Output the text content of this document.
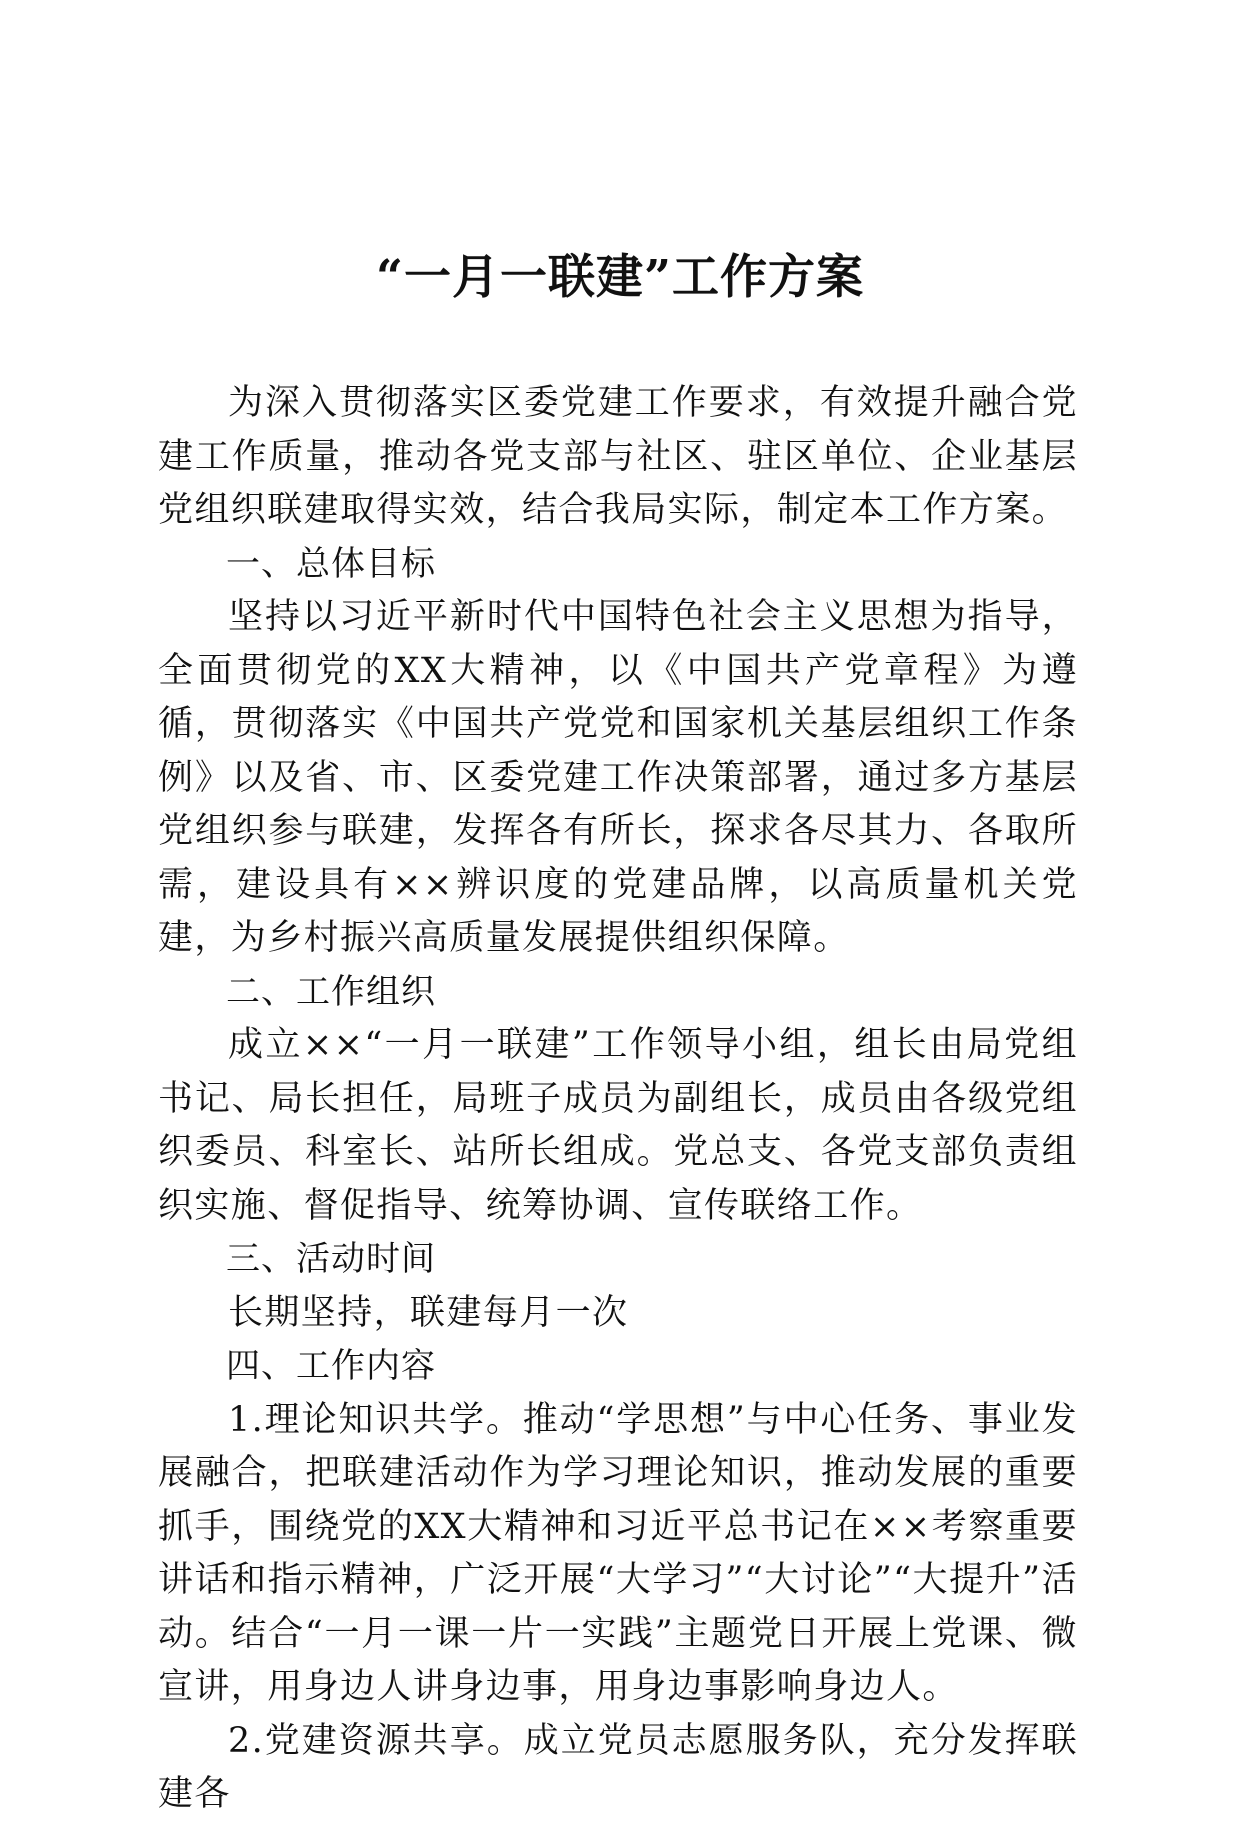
“一月一联建”工作方案

为深入贯彻落实区委党建工作要求，有效提升融合党建工作质量，推动各党支部与社区、驻区单位、企业基层党组织联建取得实效，结合我局实际，制定本工作方案。

一、总体目标

坚持以习近平新时代中国特色社会主义思想为指导，全面贯彻党的XX大精神，以《中国共产党章程》为遵循，贯彻落实《中国共产党党和国家机关基层组织工作条例》以及省、市、区委党建工作决策部署，通过多方基层党组织参与联建，发挥各有所长，探求各尽其力、各取所需，建设具有××辨识度的党建品牌，以高质量机关党建，为乡村振兴高质量发展提供组织保障。

二、工作组织

成立××“一月一联建”工作领导小组，组长由局党组书记、局长担任，局班子成员为副组长，成员由各级党组织委员、科室长、站所长组成。党总支、各党支部负责组织实施、督促指导、统筹协调、宣传联络工作。

三、活动时间

长期坚持，联建每月一次

四、工作内容

1.理论知识共学。推动“学思想”与中心任务、事业发展融合，把联建活动作为学习理论知识，推动发展的重要抓手，围绕党的XX大精神和习近平总书记在××考察重要讲话和指示精神，广泛开展“大学习”“大讨论”“大提升”活动。结合“一月一课一片一实践”主题党日开展上党课、微宣讲，用身边人讲身边事，用身边事影响身边人。

2.党建资源共享。成立党员志愿服务队，充分发挥联建各
